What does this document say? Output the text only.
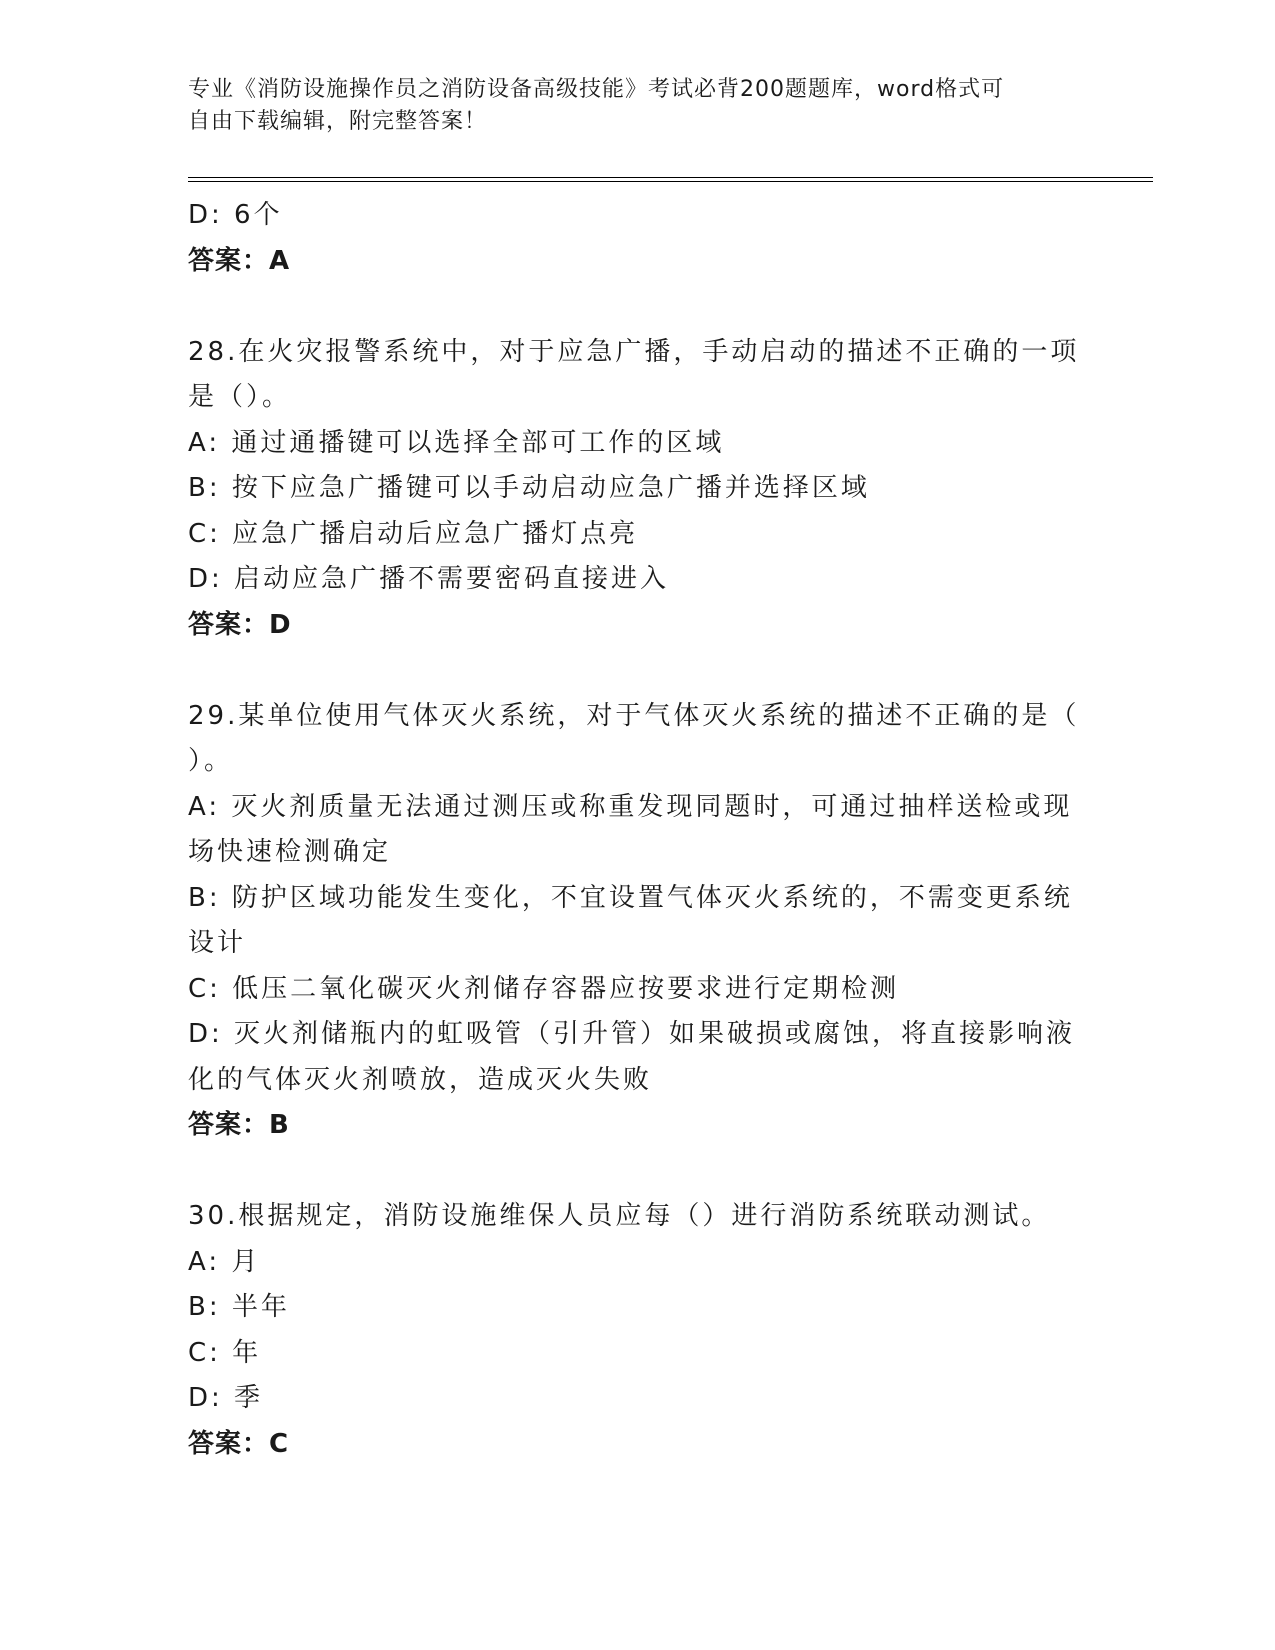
专业《消防设施操作员之消防设备高级技能》考试必背200题题库，word格式可
自由下载编辑，附完整答案！
D: 6个
答案：A
28.在火灾报警系统中，对于应急广播，手动启动的描述不正确的一项
是（）。
A: 通过通播键可以选择全部可工作的区域
B: 按下应急广播键可以手动启动应急广播并选择区域
C: 应急广播启动后应急广播灯点亮
D: 启动应急广播不需要密码直接进入
答案：D
29.某单位使用气体灭火系统，对于气体灭火系统的描述不正确的是（
）。
A: 灭火剂质量无法通过测压或称重发现同题时，可通过抽样送检或现
场快速检测确定
B: 防护区域功能发生变化，不宜设置气体灭火系统的，不需变更系统
设计
C: 低压二氧化碳灭火剂储存容器应按要求进行定期检测
D: 灭火剂储瓶内的虹吸管（引升管）如果破损或腐蚀，将直接影响液
化的气体灭火剂喷放，造成灭火失败
答案：B
30.根据规定，消防设施维保人员应每（）进行消防系统联动测试。
A: 月
B: 半年
C: 年
D: 季
答案：C
